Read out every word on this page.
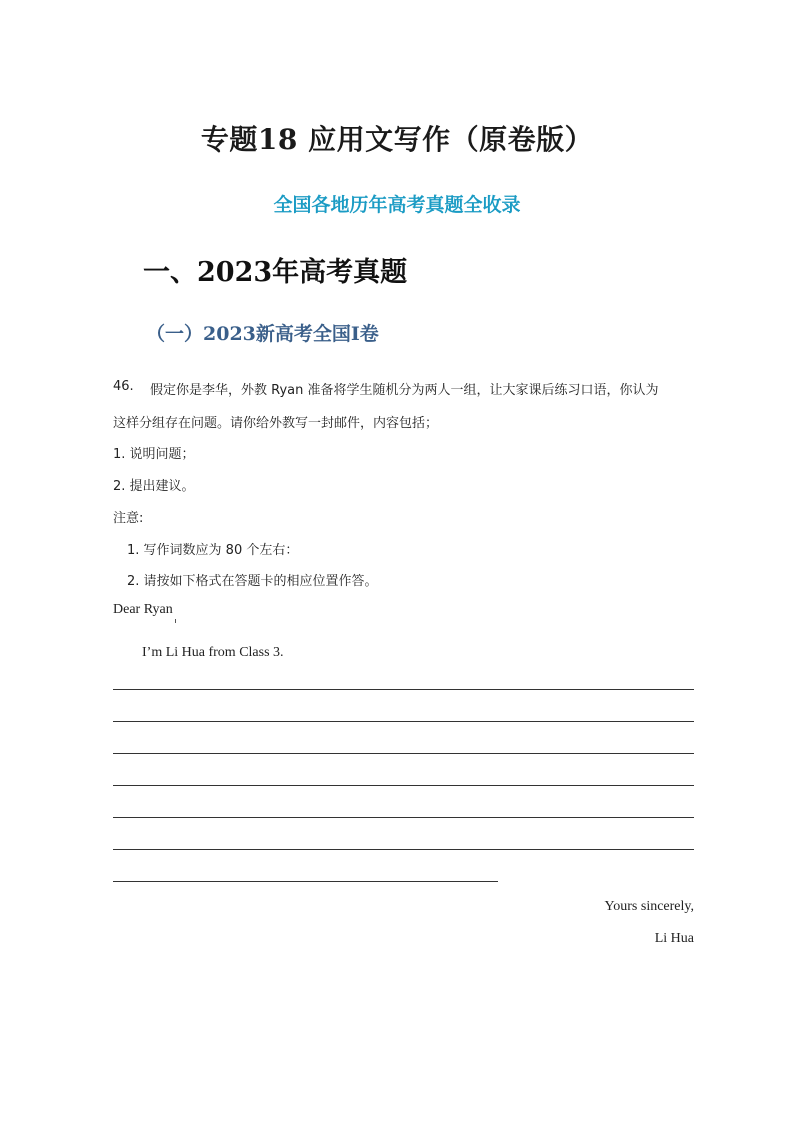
专题18 应用文写作（原卷版）
全国各地历年高考真题全收录
一、2023年高考真题
（一）2023新高考全国Ⅰ卷
46. 假定你是李华，外教 Ryan 准备将学生随机分为两人一组，让大家课后练习口语，你认为
这样分组存在问题。请你给外教写一封邮件，内容包括；
1. 说明问题；
2. 提出建议。
注意:
1. 写作词数应为 80 个左右：
2. 请按如下格式在答题卡的相应位置作答。
Dear Ryan
I’m Li Hua from Class 3.
Yours sincerely,
Li Hua
